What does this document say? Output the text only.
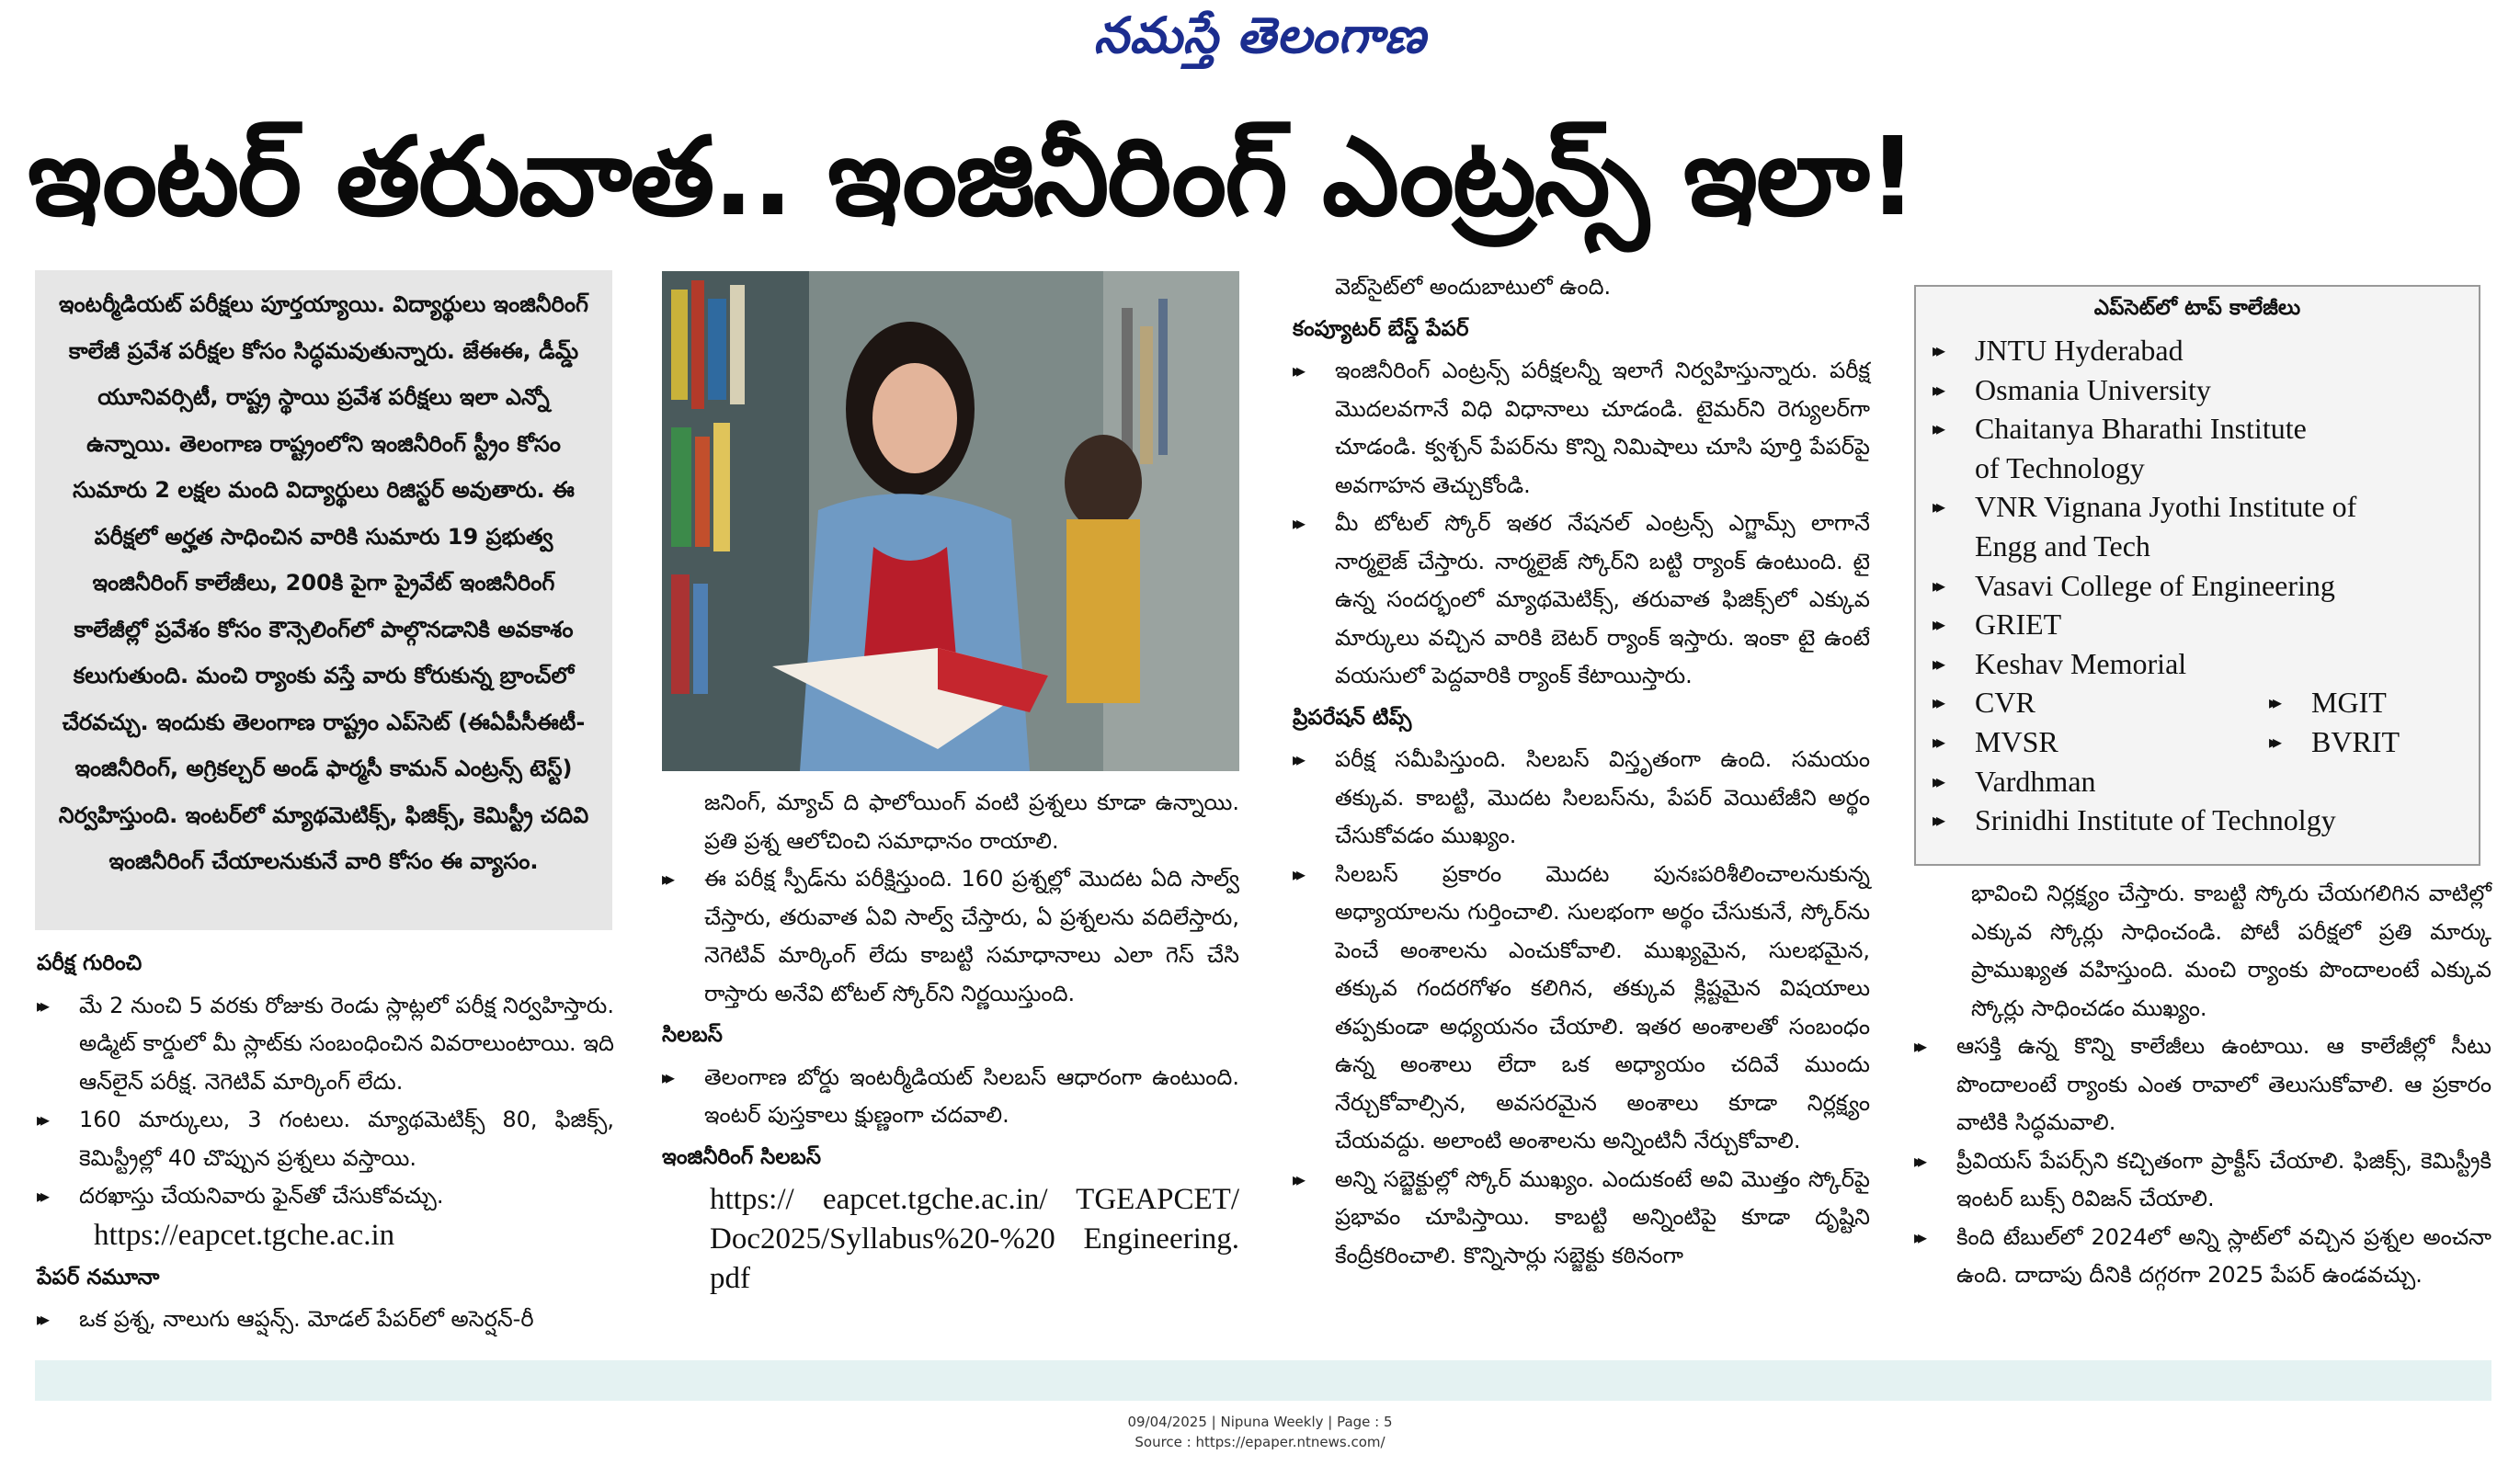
నమస్తే తెలంగాణ
ఇంటర్ తరువాత.. ఇంజినీరింగ్ ఎంట్రన్స్ ఇలా!

ఇంటర్మీడియట్ పరీక్షలు పూర్తయ్యాయి. విద్యార్థులు ఇంజినీరింగ్ కాలేజీ ప్రవేశ పరీక్షల కోసం సిద్ధమవుతున్నారు. జేఈఈ, డీమ్డ్ యూనివర్సిటీ, రాష్ట్ర స్థాయి ప్రవేశ పరీక్షలు ఇలా ఎన్నో ఉన్నాయి. తెలంగాణ రాష్ట్రంలోని ఇంజినీరింగ్ స్ట్రీం కోసం సుమారు 2 లక్షల మంది విద్యార్థులు రిజిస్టర్ అవుతారు. ఈ పరీక్షలో అర్హత సాధించిన వారికి సుమారు 19 ప్రభుత్వ ఇంజినీరింగ్ కాలేజీలు, 200కి పైగా ప్రైవేట్ ఇంజినీరింగ్ కాలేజీల్లో ప్రవేశం కోసం కౌన్సెలింగ్‌లో పాల్గొనడానికి అవకాశం కలుగుతుంది. మంచి ర్యాంకు వస్తే వారు కోరుకున్న బ్రాంచ్‌లో చేరవచ్చు. ఇందుకు తెలంగాణ రాష్ట్రం ఎప్‌సెట్ (ఈఏపీసీఈటీ- ఇంజినీరింగ్, అగ్రికల్చర్ అండ్ ఫార్మసీ కామన్ ఎంట్రన్స్ టెస్ట్) నిర్వహిస్తుంది. ఇంటర్‌లో మ్యాథమెటిక్స్, ఫిజిక్స్, కెమిస్ట్రీ చదివి ఇంజినీరింగ్ చేయాలనుకునే వారి కోసం ఈ వ్యాసం.

పరీక్ష గురించి

▸▸ మే 2 నుంచి 5 వరకు రోజుకు రెండు స్లాట్లలో పరీక్ష నిర్వహిస్తారు. అడ్మిట్ కార్డులో మీ స్లాట్‌కు సంబంధించిన వివరాలుంటాయి. ఇది ఆన్‌లైన్ పరీక్ష. నెగెటివ్ మార్కింగ్ లేదు.

▸▸ 160 మార్కులు, 3 గంటలు. మ్యాథమెటిక్స్ 80, ఫిజిక్స్, కెమిస్ట్రీల్లో 40 చొప్పున ప్రశ్నలు వస్తాయి.

▸▸ దరఖాస్తు చేయనివారు ఫైన్‌తో చేసుకోవచ్చు.

https://eapcet.tgche.ac.in

పేపర్ నమూనా

▸▸ ఒక ప్రశ్న, నాలుగు ఆప్షన్స్. మోడల్ పేపర్‌లో అసెర్షన్-రీ

జనింగ్, మ్యాచ్ ది ఫాలోయింగ్ వంటి ప్రశ్నలు కూడా ఉన్నాయి. ప్రతి ప్రశ్న ఆలోచించి సమాధానం రాయాలి.

▸▸ ఈ పరీక్ష స్పీడ్‌ను పరీక్షిస్తుంది. 160 ప్రశ్నల్లో మొదట ఏది సాల్వ్ చేస్తారు, తరువాత ఏవి సాల్వ్ చేస్తారు, ఏ ప్రశ్నలను వదిలేస్తారు, నెగెటివ్ మార్కింగ్ లేదు కాబట్టి సమాధానాలు ఎలా గెస్ చేసి రాస్తారు అనేవి టోటల్ స్కోర్‌ని నిర్ణయిస్తుంది.

సిలబస్

▸▸ తెలంగాణ బోర్డు ఇంటర్మీడియట్ సిలబస్ ఆధారంగా ఉంటుంది. ఇంటర్ పుస్తకాలు క్షుణ్ణంగా చదవాలి.

ఇంజినీరింగ్ సిలబస్

https:// eapcet.tgche.ac.in/ TGEAPCET/ Doc2025/Syllabus%20-%20 Engineering. pdf

వెబ్‌సైట్‌లో అందుబాటులో ఉంది.

కంప్యూటర్ బేస్డ్ పేపర్

▸▸ ఇంజినీరింగ్ ఎంట్రన్స్ పరీక్షలన్నీ ఇలాగే నిర్వహిస్తున్నారు. పరీక్ష మొదలవగానే విధి విధానాలు చూడండి. టైమర్‌ని రెగ్యులర్‌గా చూడండి. క్వశ్చన్ పేపర్‌ను కొన్ని నిమిషాలు చూసి పూర్తి పేపర్‌పై అవగాహన తెచ్చుకోండి.

▸▸ మీ టోటల్ స్కోర్ ఇతర నేషనల్ ఎంట్రన్స్ ఎగ్జామ్స్ లాగానే నార్మలైజ్ చేస్తారు. నార్మలైజ్ స్కోర్‌ని బట్టి ర్యాంక్ ఉంటుంది. టై ఉన్న సందర్భంలో మ్యాథమెటిక్స్, తరువాత ఫిజిక్స్‌లో ఎక్కువ మార్కులు వచ్చిన వారికి బెటర్ ర్యాంక్ ఇస్తారు. ఇంకా టై ఉంటే వయసులో పెద్దవారికి ర్యాంక్ కేటాయిస్తారు.

ప్రిపరేషన్ టిప్స్

▸▸ పరీక్ష సమీపిస్తుంది. సిలబస్ విస్తృతంగా ఉంది. సమయం తక్కువ. కాబట్టి, మొదట సిలబస్‌ను, పేపర్ వెయిటేజీని అర్థం చేసుకోవడం ముఖ్యం.

▸▸ సిలబస్ ప్రకారం మొదట పునఃపరిశీలించాలనుకున్న అధ్యాయాలను గుర్తించాలి. సులభంగా అర్థం చేసుకునే, స్కోర్‌ను పెంచే అంశాలను ఎంచుకోవాలి. ముఖ్యమైన, సులభమైన, తక్కువ గందరగోళం కలిగిన, తక్కువ క్లిష్టమైన విషయాలు తప్పకుండా అధ్యయనం చేయాలి. ఇతర అంశాలతో సంబంధం ఉన్న అంశాలు లేదా ఒక అధ్యాయం చదివే ముందు నేర్చుకోవాల్సిన, అవసరమైన అంశాలు కూడా నిర్లక్ష్యం చేయవద్దు. అలాంటి అంశాలను అన్నింటినీ నేర్చుకోవాలి.

▸▸ అన్ని సబ్జెక్టుల్లో స్కోర్ ముఖ్యం. ఎందుకంటే అవి మొత్తం స్కోర్‌పై ప్రభావం చూపిస్తాయి. కాబట్టి అన్నింటిపై కూడా దృష్టిని కేంద్రీకరించాలి. కొన్నిసార్లు సబ్జెక్టు కఠినంగా

ఎప్‌సెట్‌లో టాప్ కాలేజీలు
▸▸ JNTU Hyderabad
▸▸ Osmania University
▸▸ Chaitanya Bharathi Institute
of Technology
▸▸ VNR Vignana Jyothi Institute of
Engg and Tech
▸▸ Vasavi College of Engineering
▸▸ GRIET
▸▸ Keshav Memorial
▸▸ CVR	▸▸ MGIT
▸▸ MVSR	▸▸ BVRIT
▸▸ Vardhman
▸▸ Srinidhi Institute of Technolgy

భావించి నిర్లక్ష్యం చేస్తారు. కాబట్టి స్కోరు చేయగలిగిన వాటిల్లో ఎక్కువ స్కోర్లు సాధించండి. పోటీ పరీక్షలో ప్రతి మార్కు ప్రాముఖ్యత వహిస్తుంది. మంచి ర్యాంకు పొందాలంటే ఎక్కువ స్కోర్లు సాధించడం ముఖ్యం.

▸▸ ఆసక్తి ఉన్న కొన్ని కాలేజీలు ఉంటాయి. ఆ కాలేజీల్లో సీటు పొందాలంటే ర్యాంకు ఎంత రావాలో తెలుసుకోవాలి. ఆ ప్రకారం వాటికి సిద్ధమవాలి.

▸▸ ప్రీవియస్ పేపర్స్‌ని కచ్చితంగా ప్రాక్టీస్ చేయాలి. ఫిజిక్స్, కెమిస్ట్రీకి ఇంటర్ బుక్స్ రివిజన్ చేయాలి.

▸▸ కింది టేబుల్‌లో 2024లో అన్ని స్లాట్‌లో వచ్చిన ప్రశ్నల అంచనా ఉంది. దాదాపు దీనికి దగ్గరగా 2025 పేపర్ ఉండవచ్చు.

09/04/2025 | Nipuna Weekly | Page : 5
Source : https://epaper.ntnews.com/
